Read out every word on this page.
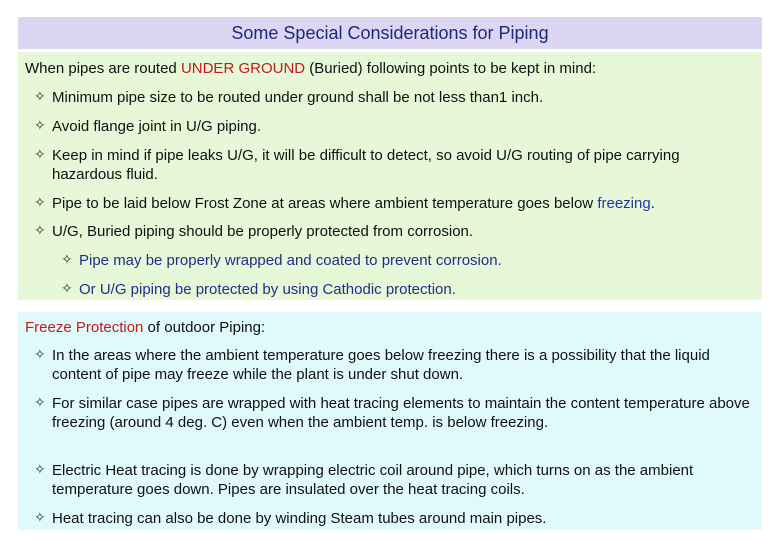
Some Special Considerations for Piping
When pipes are routed UNDER GROUND (Buried) following points to be kept in mind:
✧ Minimum pipe size to be routed under ground shall be not less than1 inch.
✧ Avoid flange joint in U/G piping.
✧ Keep in mind if pipe leaks U/G, it will be difficult to detect, so avoid U/G routing of pipe carrying hazardous fluid.
✧ Pipe to be laid below Frost Zone at areas where ambient temperature goes below freezing.
✧ U/G, Buried piping should be properly protected from corrosion.
✧ Pipe may be properly wrapped and coated to prevent corrosion.
✧ Or U/G piping be protected by using Cathodic protection.
Freeze Protection of outdoor Piping:
✧ In the areas where the ambient temperature goes below freezing there is a possibility that the liquid content of pipe may freeze while the plant is under shut down.
✧ For similar case pipes are wrapped with heat tracing elements to maintain the content temperature above freezing (around 4 deg. C) even when the ambient temp. is below freezing.
✧ Electric Heat tracing is done by wrapping electric coil around pipe, which turns on as the ambient temperature goes down. Pipes are insulated over the heat tracing coils.
✧ Heat tracing can also be done by winding Steam tubes around main pipes.
